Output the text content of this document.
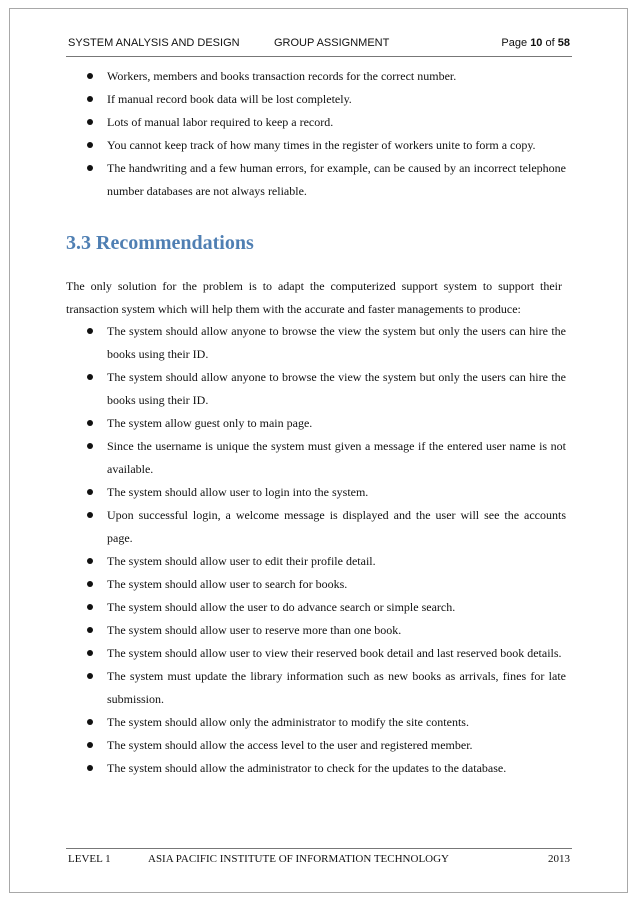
SYSTEM ANALYSIS AND DESIGN	GROUP ASSIGNMENT	Page 10 of 58
Workers, members and books transaction records for the correct number.
If manual record book data will be lost completely.
Lots of manual labor required to keep a record.
You cannot keep track of how many times in the register of workers unite to form a copy.
The handwriting and a few human errors, for example, can be caused by an incorrect telephone number databases are not always reliable.
3.3 Recommendations

The only solution for the problem is to adapt the computerized support system to support their transaction system which will help them with the accurate and faster managements to produce:

The system should allow anyone to browse the view the system but only the users can hire the books using their ID.
The system should allow anyone to browse the view the system but only the users can hire the books using their ID.
The system allow guest only to main page.
Since the username is unique the system must given a message if the entered user name is not available.
The system should allow user to login into the system.
Upon successful login, a welcome message is displayed and the user will see the accounts page.
The system should allow user to edit their profile detail.
The system should allow user to search for books.
The system should allow the user to do advance search or simple search.
The system should allow user to reserve more than one book.
The system should allow user to view their reserved book detail and last reserved book details.
The system must update the library information such as new books as arrivals, fines for late submission.
The system should allow only the administrator to modify the site contents.
The system should allow the access level to the user and registered member.
The system should allow the administrator to check for the updates to the database.
LEVEL 1	ASIA PACIFIC INSTITUTE OF INFORMATION TECHNOLOGY	2013
